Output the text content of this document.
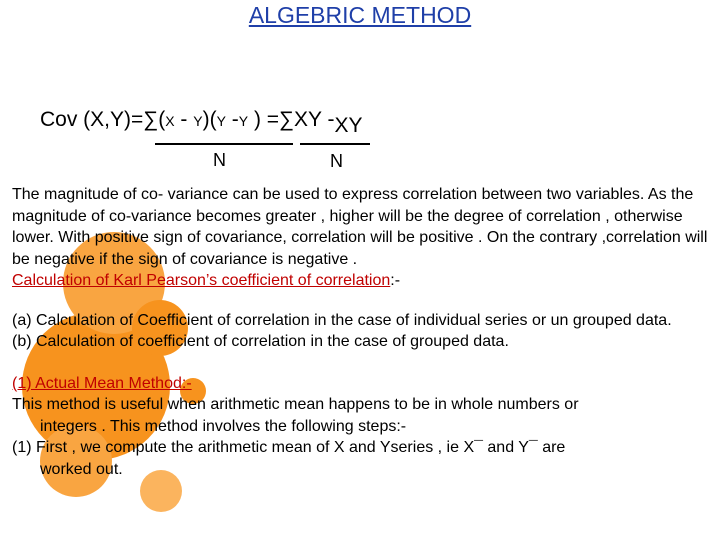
ALGEBRIC METHOD
Cov (X,Y)=∑(X - Y)(Y -Y ) =∑XY -XY
N	N
The magnitude of co- variance can be used to express correlation between two variables. As the magnitude of co-variance becomes greater , higher will be the degree of correlation , otherwise lower. With positive sign of covariance, correlation will be positive . On the contrary ,correlation will be negative if the sign of covariance is negative .
Calculation of Karl Pearson’s coefficient of correlation:-
(a) Calculation of Coefficient of correlation in the case of individual series or un grouped data.
(b) Calculation of coefficient of correlation in the case of grouped data.
(1) Actual Mean Method:-
This method is useful when arithmetic mean happens to be in whole numbers or
integers . This method involves the following steps:-
(1) First , we compute the arithmetic mean of X and Yseries , ie X¯ and Y¯ are
worked out.
